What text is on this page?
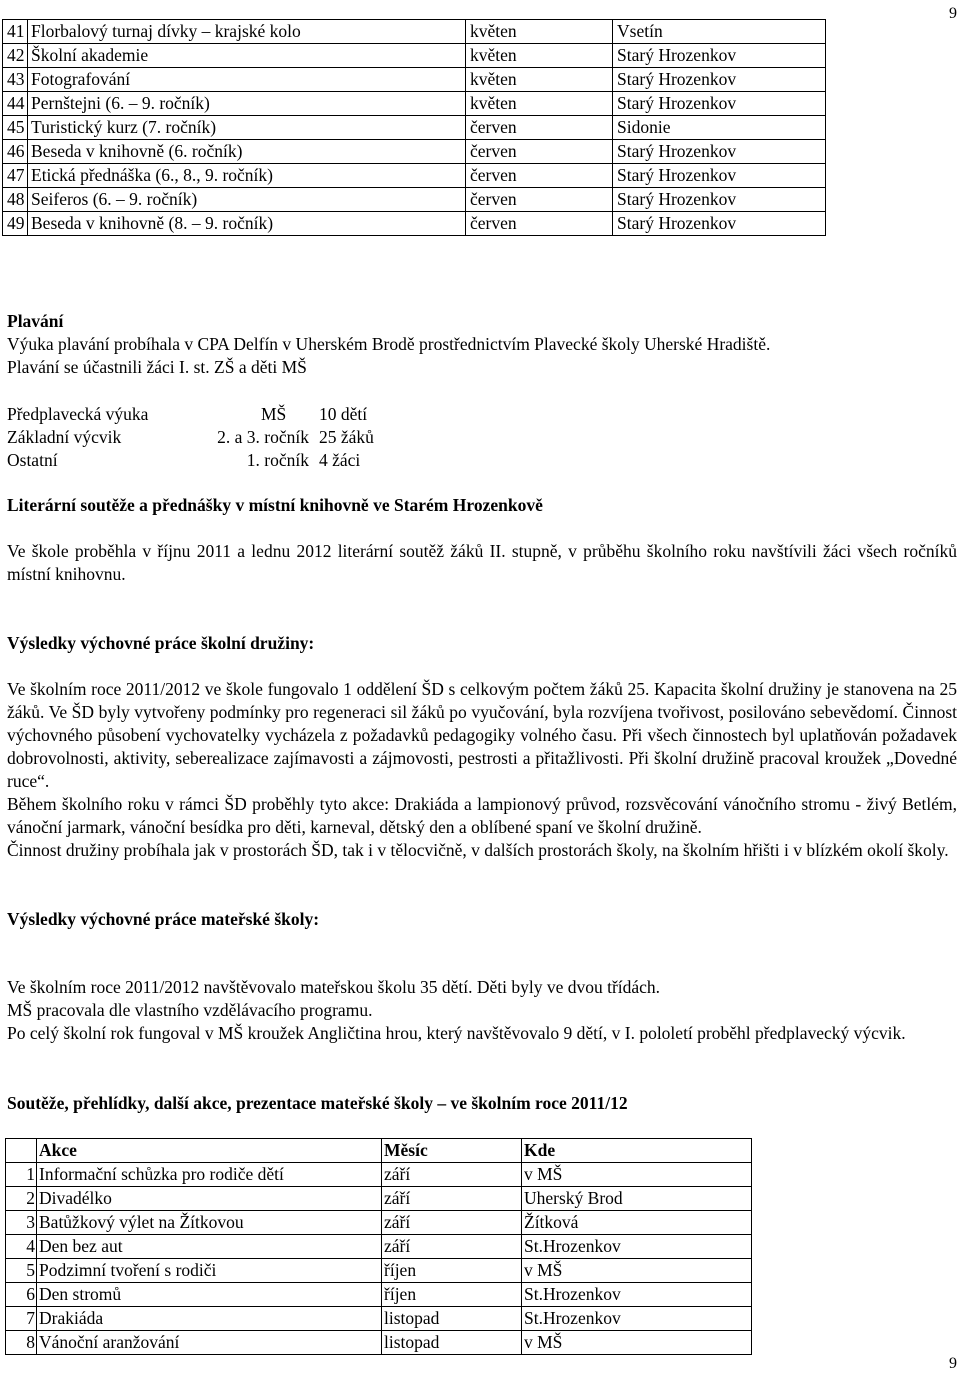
9
41	Florbalový turnaj dívky – krajské kolo	květen	Vsetín
42	Školní akademie	květen	Starý Hrozenkov
43	Fotografování	květen	Starý Hrozenkov
44	Pernštejni (6. – 9. ročník)	květen	Starý Hrozenkov
45	Turistický kurz (7. ročník)	červen	Sidonie
46	Beseda v knihovně (6. ročník)	červen	Starý Hrozenkov
47	Etická přednáška (6., 8., 9. ročník)	červen	Starý Hrozenkov
48	Seiferos (6. – 9. ročník)	červen	Starý Hrozenkov
49	Beseda v knihovně (8. – 9. ročník)	červen	Starý Hrozenkov
Plavání
Výuka plavání probíhala v CPA Delfín v Uherském Brodě prostřednictvím Plavecké školy Uherské Hradiště.
Plavání se účastnili žáci I. st. ZŠ a děti MŠ
Předplavecká výuka	MŠ 10 dětí
Základní výcvik	2. a 3. ročník 25 žáků
Ostatní	1. ročník 4 žáci
Literární soutěže a přednášky v místní knihovně ve Starém Hrozenkově
Ve škole proběhla v říjnu 2011 a lednu 2012 literární soutěž žáků II. stupně, v průběhu školního roku navštívili žáci všech ročníků místní knihovnu.
Výsledky výchovné práce školní družiny:
Ve školním roce 2011/2012 ve škole fungovalo 1 oddělení ŠD s celkovým počtem žáků 25. Kapacita školní družiny je stanovena na 25 žáků. Ve ŠD byly vytvořeny podmínky pro regeneraci sil žáků po vyučování, byla rozvíjena tvořivost, posilováno sebevědomí. Činnost výchovného působení vychovatelky vycházela z požadavků pedagogiky volného času. Při všech činnostech byl uplatňován požadavek dobrovolnosti, aktivity, seberealizace zajímavosti a zájmovosti, pestrosti a přitažlivosti. Při školní družině pracoval kroužek „Dovedné ruce“.
Během školního roku v rámci ŠD proběhly tyto akce: Drakiáda a lampionový průvod, rozsvěcování vánočního stromu - živý Betlém, vánoční jarmark, vánoční besídka pro děti, karneval, dětský den a oblíbené spaní ve školní družině.
Činnost družiny probíhala jak v prostorách ŠD, tak i v tělocvičně, v dalších prostorách školy, na školním hřišti i v blízkém okolí školy.
Výsledky výchovné práce mateřské školy:
Ve školním roce 2011/2012 navštěvovalo mateřskou školu 35 dětí. Děti byly ve dvou třídách.
MŠ pracovala dle vlastního vzdělávacího programu.
Po celý školní rok fungoval v MŠ kroužek Angličtina hrou, který navštěvovalo 9 dětí, v I. pololetí proběhl předplavecký výcvik.
Soutěže, přehlídky, další akce, prezentace mateřské školy – ve školním roce 2011/12
	Akce	Měsíc	Kde
1	Informační schůzka pro rodiče dětí	září	v MŠ
2	Divadélko	září	Uherský Brod
3	Batůžkový výlet na Žítkovou	září	Žítková
4	Den bez aut	září	St.Hrozenkov
5	Podzimní tvoření s rodiči	říjen	v MŠ
6	Den stromů	říjen	St.Hrozenkov
7	Drakiáda	listopad	St.Hrozenkov
8	Vánoční aranžování	listopad	v MŠ
9
